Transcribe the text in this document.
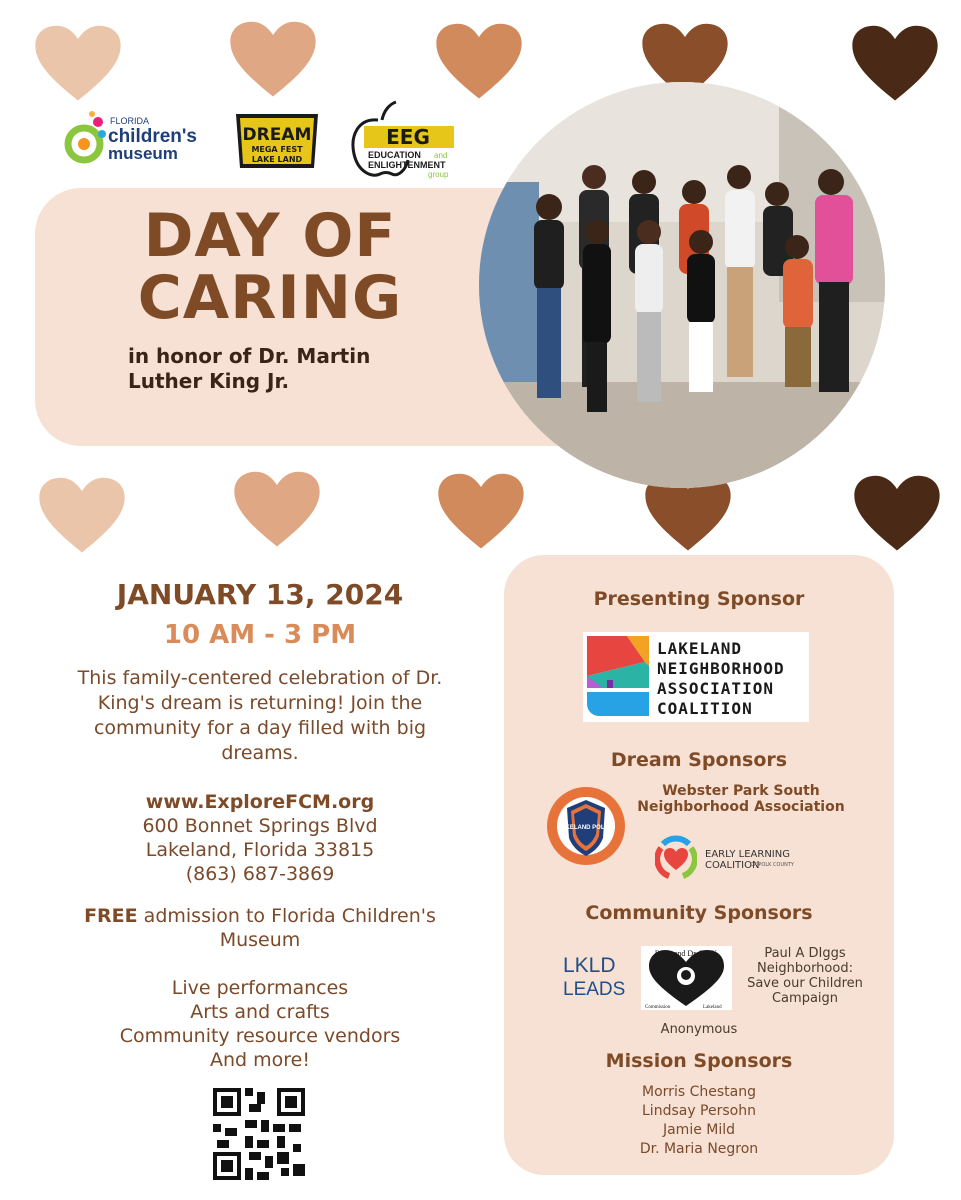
FLORIDA
children's
museum
DREAM
MEGA FEST
LAKE LAND
EEG
EDUCATION and
ENLIGHTENMENT
group
DAY OF CARING
in honor of Dr. Martin Luther King Jr.
JANUARY 13, 2024
10 AM - 3 PM
This family-centered celebration of Dr. King's dream is returning! Join the community for a day filled with big dreams.
www.ExploreFCM.org
600 Bonnet Springs Blvd
Lakeland, Florida 33815
(863) 687-3869
FREE admission to Florida Children's Museum
Live performances
Arts and crafts
Community resource vendors
And more!
Presenting Sponsor
LAKELAND
NEIGHBORHOOD
ASSOCIATION
COALITION
Dream Sponsors
Webster Park South Neighborhood Association
LAKELAND POLICE
EARLY LEARNING COALITION
OF POLK COUNTY
Community Sponsors
LKLD
LEADS
Reverend Dr. MLK
Commission	Lakeland
Paul A DIggs Neighborhood: Save our Children Campaign
Anonymous
Mission Sponsors
Morris Chestang
Lindsay Persohn
Jamie Mild
Dr. Maria Negron
